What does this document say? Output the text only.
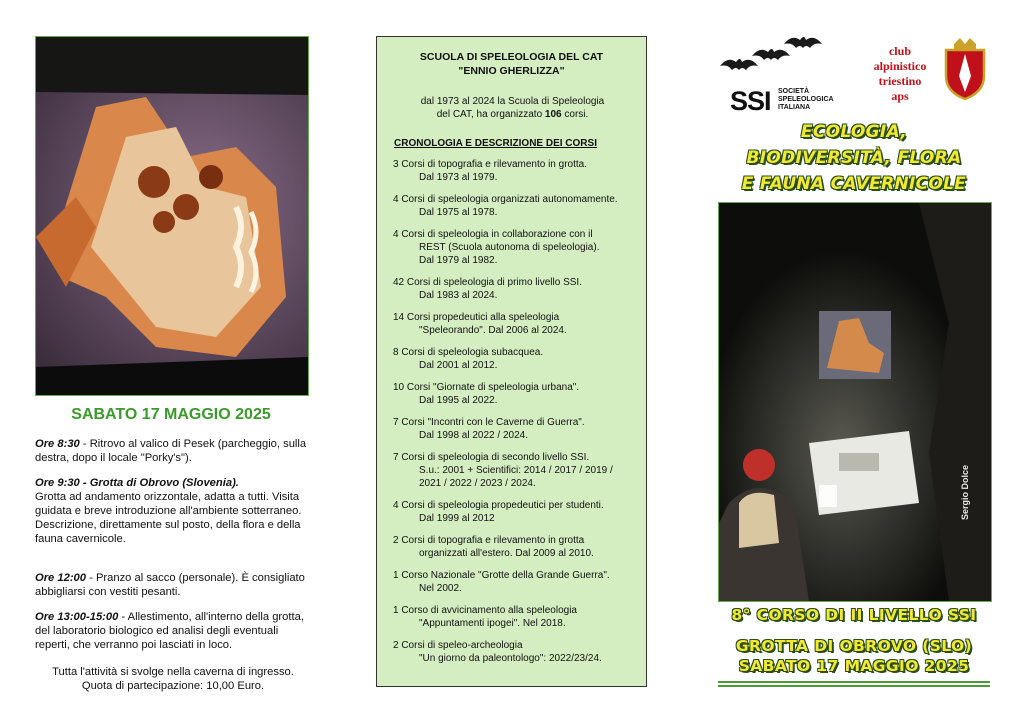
SABATO 17 MAGGIO 2025
Ore 8:30 - Ritrovo al valico di Pesek (parcheggio, sulla destra, dopo il locale "Porky's").
Ore 9:30 - Grotta di Obrovo (Slovenia).
Grotta ad andamento orizzontale, adatta a tutti. Visita guidata e breve introduzione all'ambiente sotterraneo. Descrizione, direttamente sul posto, della flora e della fauna cavernicole.
Ore 12:00 - Pranzo al sacco (personale). È consigliato abbigliarsi con vestiti pesanti.
Ore 13:00-15:00 - Allestimento, all'interno della grotta, del laboratorio biologico ed analisi degli eventuali reperti, che verranno poi lasciati in loco.
Tutta l'attività si svolge nella caverna di ingresso.
Quota di partecipazione: 10,00 Euro.
SCUOLA DI SPELEOLOGIA DEL CAT
"ENNIO GHERLIZZA"
dal 1973 al 2024 la Scuola di Speleologia
del CAT, ha organizzato 106 corsi.
CRONOLOGIA E DESCRIZIONE DEI CORSI
3 Corsi di topografia e rilevamento in grotta.
Dal 1973 al 1979.
4 Corsi di speleologia organizzati autonomamente.
Dal 1975 al 1978.
4 Corsi di speleologia in collaborazione con il
REST (Scuola autonoma di speleologia).
Dal 1979 al 1982.
42 Corsi di speleologia di primo livello SSI.
Dal 1983 al 2024.
14 Corsi propedeutici alla speleologia
"Speleorando". Dal 2006 al 2024.
8 Corsi di speleologia subacquea.
Dal 2001 al 2012.
10 Corsi "Giornate di speleologia urbana".
Dal 1995 al 2022.
7 Corsi "Incontri con le Caverne di Guerra".
Dal 1998 al 2022 / 2024.
7 Corsi di speleologia di secondo livello SSI.
S.u.: 2001 + Scientifici: 2014 / 2017 / 2019 /
2021 / 2022 / 2023 / 2024.
4 Corsi di speleologia propedeutici per studenti.
Dal 1999 al 2012
2 Corsi di topografia e rilevamento in grotta
organizzati all'estero. Dal 2009 al 2010.
1 Corso Nazionale "Grotte della Grande Guerra".
Nel 2002.
1 Corso di avvicinamento alla speleologia
"Appuntamenti ipogei". Nel 2018.
2 Corsi di speleo-archeologia
"Un giorno da paleontologo": 2022/23/24.
SSI SOCIETÀ
SPELEOLOGICA
ITALIANA
club
alpinistico
triestino
aps
ECOLOGIA,
BIODIVERSITÀ, FLORA
E FAUNA CAVERNICOLE
Sergio Dolce
8° CORSO DI II LIVELLO SSI
GROTTA DI OBROVO (SLO)
SABATO 17 MAGGIO 2025
